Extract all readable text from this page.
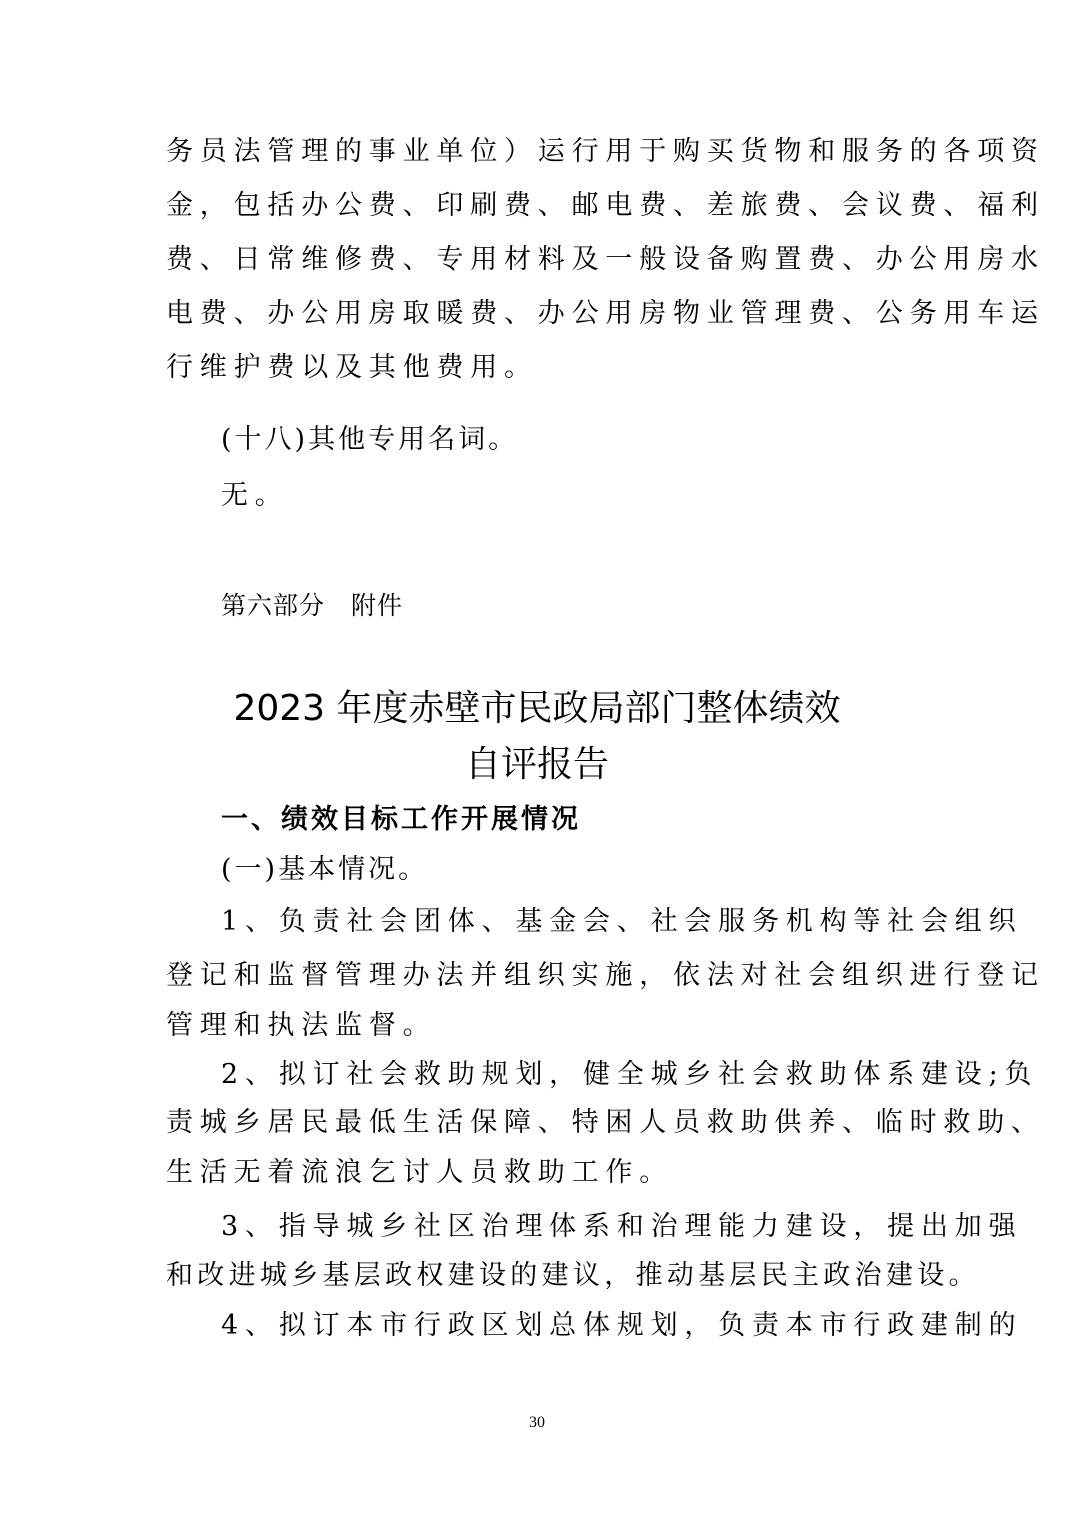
务员法管理的事业单位）运行用于购买货物和服务的各项资
金，包括办公费、印刷费、邮电费、差旅费、会议费、福利
费、日常维修费、专用材料及一般设备购置费、办公用房水
电费、办公用房取暖费、办公用房物业管理费、公务用车运
行维护费以及其他费用。
(十八)其他专用名词。
无。
第六部分　附件
2023 年度赤壁市民政局部门整体绩效
自评报告
一、绩效目标工作开展情况
(一)基本情况。
1、负责社会团体、基金会、社会服务机构等社会组织
登记和监督管理办法并组织实施，依法对社会组织进行登记
管理和执法监督。
2、拟订社会救助规划，健全城乡社会救助体系建设;负
责城乡居民最低生活保障、特困人员救助供养、临时救助、
生活无着流浪乞讨人员救助工作。
3、指导城乡社区治理体系和治理能力建设，提出加强
和改进城乡基层政权建设的建议，推动基层民主政治建设。
4、拟订本市行政区划总体规划，负责本市行政建制的
30
